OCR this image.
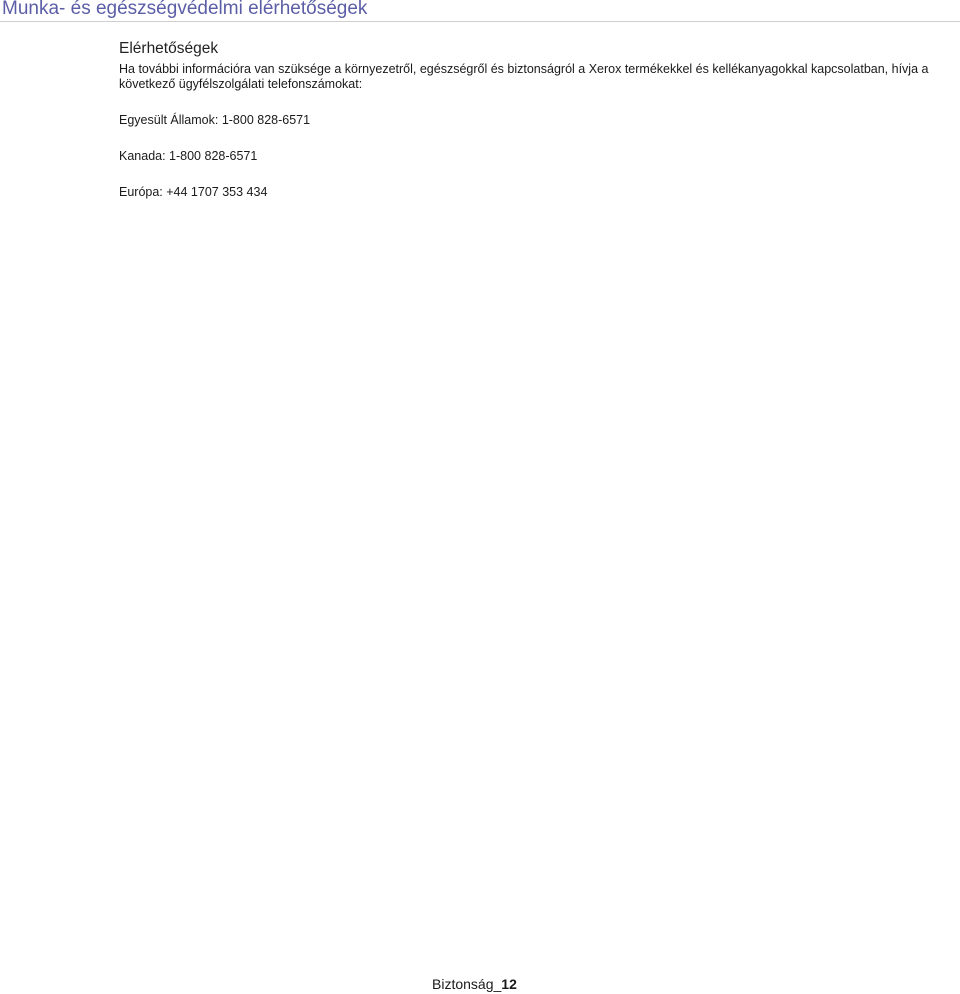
Munka- és egészségvédelmi elérhetőségek
Elérhetőségek

Ha további információra van szüksége a környezetről, egészségről és biztonságról a Xerox termékekkel és kellékanyagokkal kapcsolatban, hívja a következő ügyfélszolgálati telefonszámokat:

Egyesült Államok: 1-800 828-6571

Kanada: 1-800 828-6571

Európa: +44 1707 353 434

Biztonság_12
